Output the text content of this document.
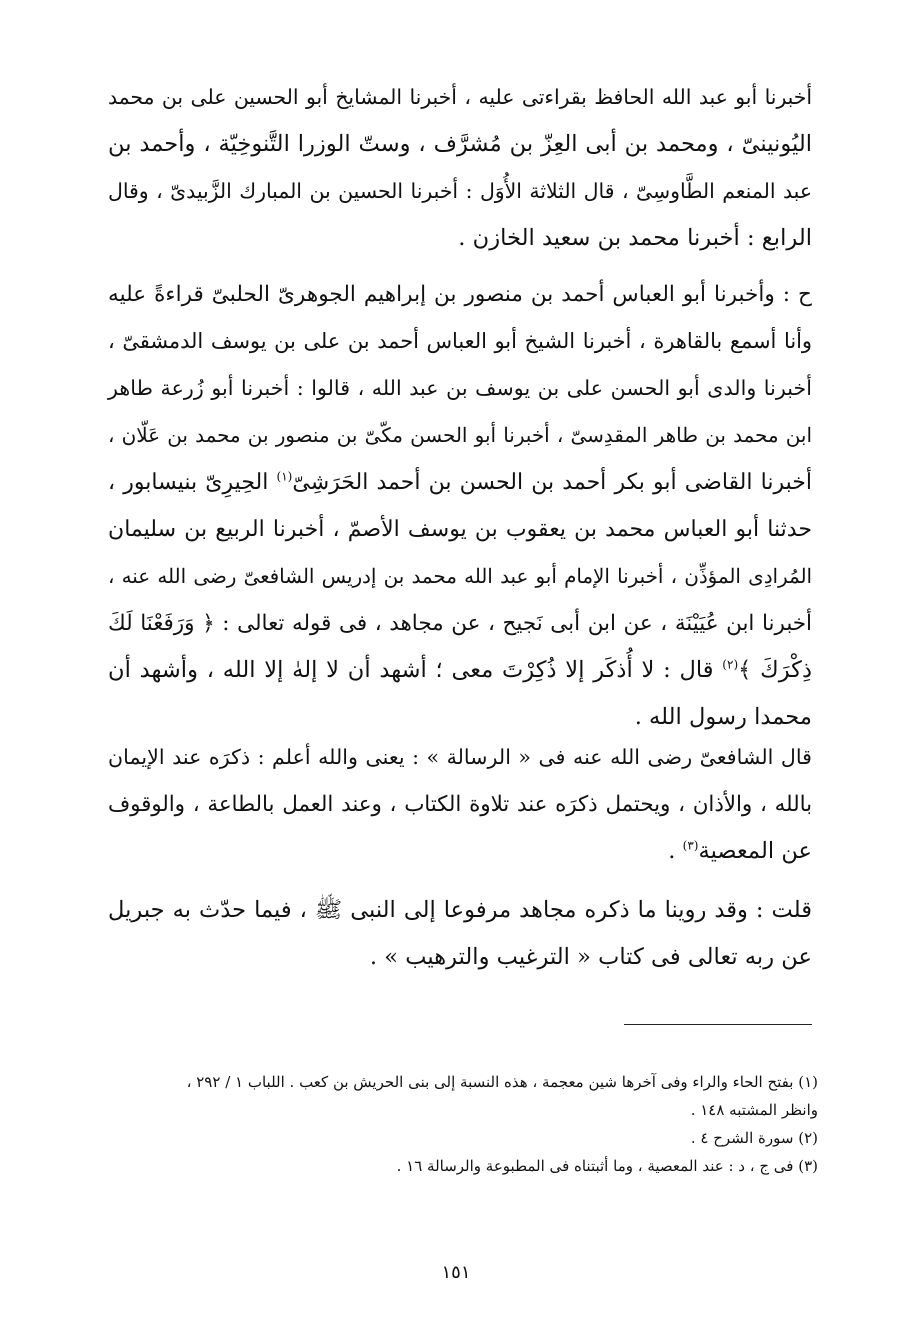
أخبرنا أبو عبد الله الحافظ بقراءتى عليه ، أخبرنا المشايخ أبو الحسين على بن محمد
اليُونينىّ ، ومحمد بن أبى العِزّ بن مُشرَّف ، وستّ الوزرا التَّنوخِيّة ، وأحمد بن
عبد المنعم الطَّاوسِىّ ، قال الثلاثة الأُوَل : أخبرنا الحسين بن المبارك الزَّبيدىّ ، وقال
الرابع : أخبرنا محمد بن سعيد الخازن .
ح : وأخبرنا أبو العباس أحمد بن منصور بن إبراهيم الجوهرىّ الحلبىّ قراءةً عليه
وأنا أسمع بالقاهرة ، أخبرنا الشيخ أبو العباس أحمد بن على بن يوسف الدمشقىّ ،
أخبرنا والدى أبو الحسن على بن يوسف بن عبد الله ، قالوا : أخبرنا أبو زُرعة طاهر
ابن محمد بن طاهر المقدِسىّ ، أخبرنا أبو الحسن مكّىّ بن منصور بن محمد بن عَلّان ،
أخبرنا القاضى أبو بكر أحمد بن الحسن بن أحمد الحَرَشِىّ$^{(١)}$ الحِيرِىّ بنيسابور ،
حدثنا أبو العباس محمد بن يعقوب بن يوسف الأصمّ ، أخبرنا الربيع بن سليمان
المُرادِى المؤذِّن ، أخبرنا الإمام أبو عبد الله محمد بن إدريس الشافعىّ رضى الله عنه ،
أخبرنا ابن عُيَيْنَة ، عن ابن أبى نَجيح ، عن مجاهد ، فى قوله تعالى : ﴿ وَرَفَعْنَا لَكَ
ذِكْرَكَ ﴾$^{(٢)}$ قال : لا أُذكَر إلا ذُكِرْتَ معى ؛ أشهد أن لا إلهٰ إلا الله ، وأشهد أن
محمدا رسول الله .
قال الشافعىّ رضى الله عنه فى « الرسالة » : يعنى والله أعلم : ذكرَه عند الإيمان
بالله ، والأذان ، ويحتمل ذكرَه عند تلاوة الكتاب ، وعند العمل بالطاعة ، والوقوف
عن المعصية$^{(٣)}$ .
قلت : وقد روينا ما ذكره مجاهد مرفوعا إلى النبى ﷺ ، فيما حدّث به جبريل
عن ربه تعالى فى كتاب « الترغيب والترهيب » .
(١) بفتح الحاء والراء وفى آخرها شين معجمة ، هذه النسبة إلى بنى الحريش بن كعب . اللباب ١ / ٢٩٢ ،
وانظر المشتبه ١٤٨ .
(٢) سورة الشرح ٤ .
(٣) فى ج ، د : عند المعصية ، وما أثبتناه فى المطبوعة والرسالة ١٦ .
١٥١
